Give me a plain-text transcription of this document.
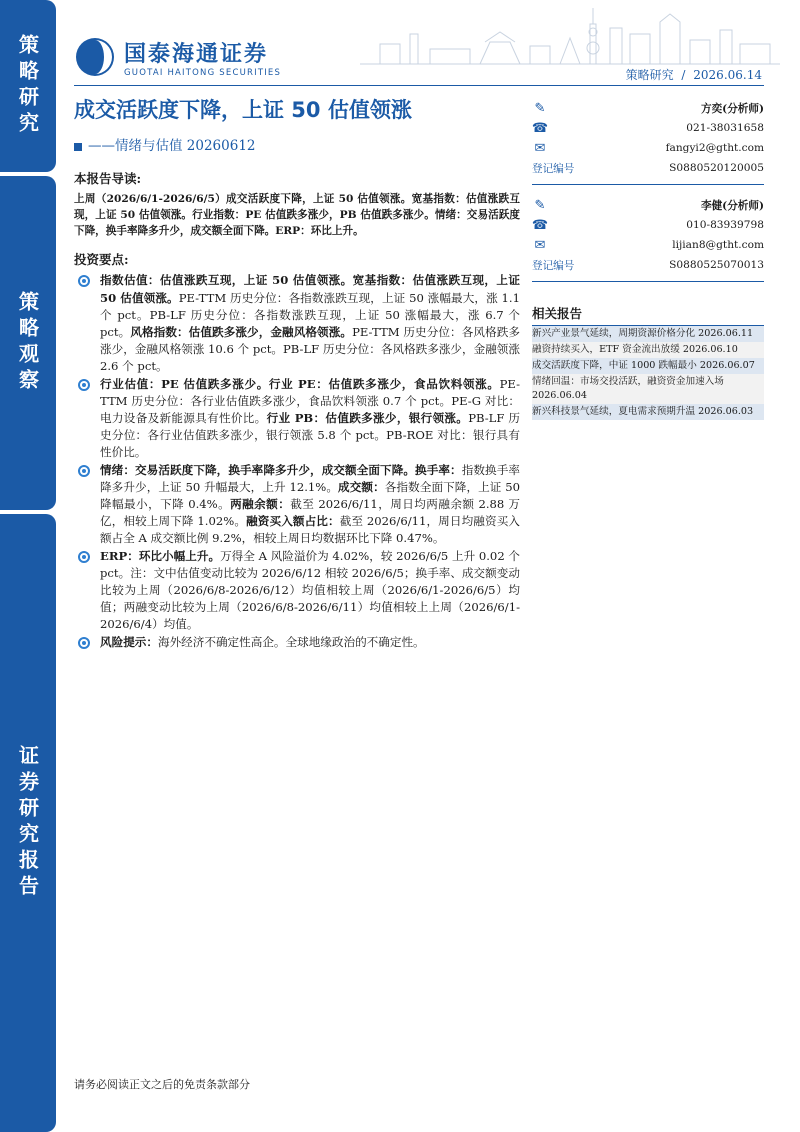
策略研究
策略观察
证券研究报告
国泰海通证券
GUOTAI HAITONG SECURITIES	策略研究 / 2026.06.14
成交活跃度下降，上证 50 估值领涨
——情绪与估值 20260612
本报告导读:
上周（2026/6/1-2026/6/5）成交活跃度下降，上证 50 估值领涨。宽基指数：估值涨跌互现，上证 50 估值领涨。行业指数：PE 估值跌多涨少，PB 估值跌多涨少。情绪：交易活跃度下降，换手率降多升少，成交额全面下降。ERP：环比上升。
投资要点:
指数估值：估值涨跌互现，上证 50 估值领涨。宽基指数：估值涨跌互现，上证 50 估值领涨。PE-TTM 历史分位：各指数涨跌互现，上证 50 涨幅最大，涨 1.1 个 pct。PB-LF 历史分位：各指数涨跌互现，上证 50 涨幅最大，涨 6.7 个 pct。风格指数：估值跌多涨少，金融风格领涨。PE-TTM 历史分位：各风格跌多涨少，金融风格领涨 10.6 个 pct。PB-LF 历史分位：各风格跌多涨少，金融领涨 2.6 个 pct。
行业估值：PE 估值跌多涨少。行业 PE：估值跌多涨少，食品饮料领涨。PE-TTM 历史分位：各行业估值跌多涨少，食品饮料领涨 0.7 个 pct。PE-G 对比：电力设备及新能源具有性价比。行业 PB：估值跌多涨少，银行领涨。PB-LF 历史分位：各行业估值跌多涨少，银行领涨 5.8 个 pct。PB-ROE 对比：银行具有性价比。
情绪：交易活跃度下降，换手率降多升少，成交额全面下降。换手率：指数换手率降多升少，上证 50 升幅最大，上升 12.1%。成交额：各指数全面下降，上证 50 降幅最小，下降 0.4%。两融余额：截至 2026/6/11，周日均两融余额 2.88 万亿，相较上周下降 1.02%。融资买入额占比：截至 2026/6/11，周日均融资买入额占全 A 成交额比例 9.2%，相较上周日均数据环比下降 0.47%。
ERP：环比小幅上升。万得全 A 风险溢价为 4.02%，较 2026/6/5 上升 0.02 个 pct。注：文中估值变动比较为 2026/6/12 相较 2026/6/5；换手率、成交额变动比较为上周（2026/6/8-2026/6/12）均值相较上周（2026/6/1-2026/6/5）均值；两融变动比较为上周（2026/6/8-2026/6/11）均值相较上上周（2026/6/1-2026/6/4）均值。
风险提示：海外经济不确定性高企。全球地缘政治的不确定性。
✎	方奕(分析师)
☎	021-38031658
✉	fangyi2@gtht.com
登记编号	S0880520120005
✎	李健(分析师)
☎	010-83939798
✉	lijian8@gtht.com
登记编号	S0880525070013
相关报告
新兴产业景气延续，周期资源价格分化 2026.06.11
融资持续买入，ETF 资金流出放缓 2026.06.10
成交活跃度下降，中证 1000 跌幅最小 2026.06.07
情绪回温：市场交投活跃，融资资金加速入场 2026.06.04
新兴科技景气延续，夏电需求预期升温 2026.06.03
请务必阅读正文之后的免责条款部分
